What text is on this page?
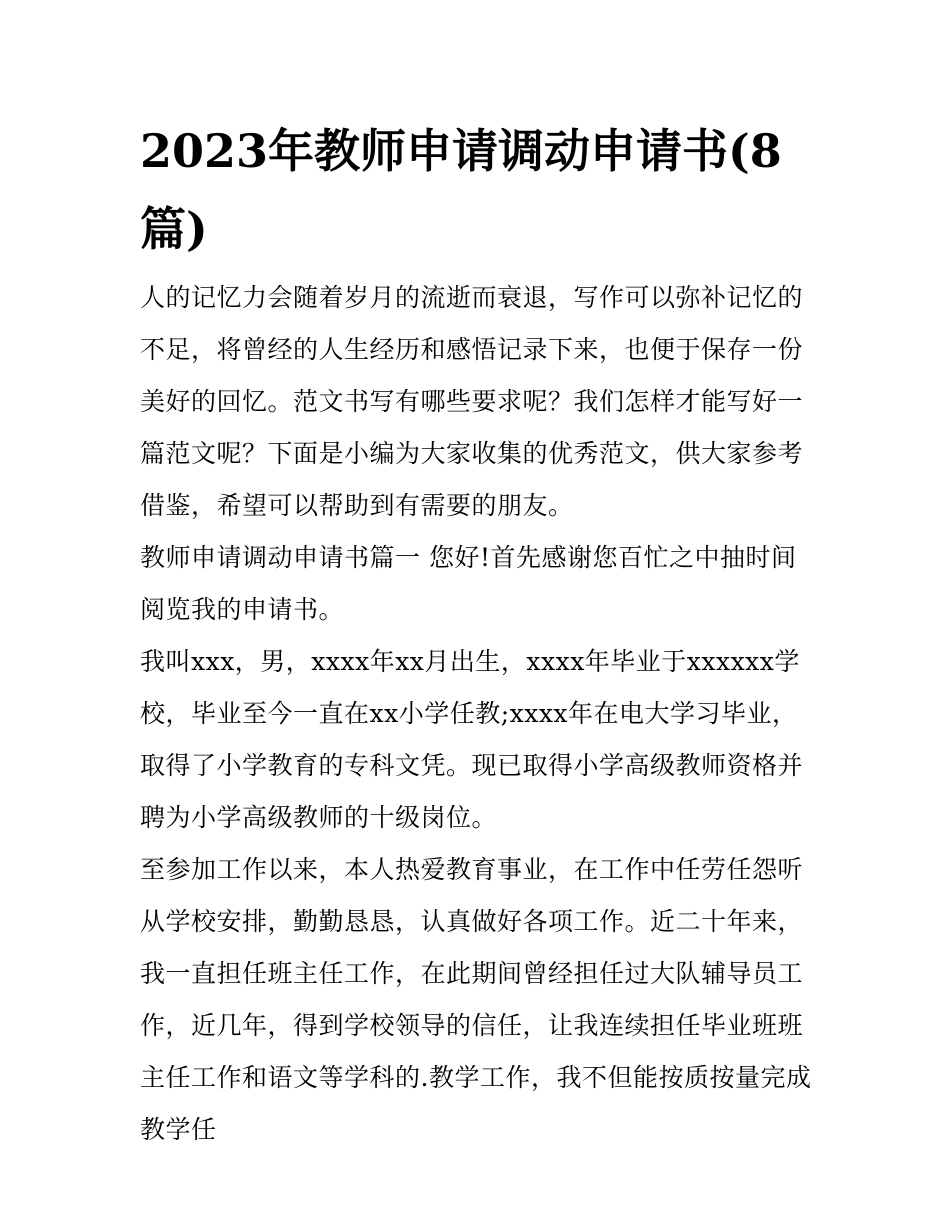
2023年教师申请调动申请书(8篇)

人的记忆力会随着岁月的流逝而衰退，写作可以弥补记忆的不足，将曾经的人生经历和感悟记录下来，也便于保存一份美好的回忆。范文书写有哪些要求呢？我们怎样才能写好一篇范文呢？下面是小编为大家收集的优秀范文，供大家参考借鉴，希望可以帮助到有需要的朋友。

教师申请调动申请书篇一 您好!首先感谢您百忙之中抽时间阅览我的申请书。

我叫xxx，男，xxxx年xx月出生，xxxx年毕业于xxxxxx学校，毕业至今一直在xx小学任教;xxxx年在电大学习毕业，取得了小学教育的专科文凭。现已取得小学高级教师资格并聘为小学高级教师的十级岗位。

至参加工作以来，本人热爱教育事业，在工作中任劳任怨听从学校安排，勤勤恳恳，认真做好各项工作。近二十年来，我一直担任班主任工作，在此期间曾经担任过大队辅导员工作，近几年，得到学校领导的信任，让我连续担任毕业班班主任工作和语文等学科的.教学工作，我不但能按质按量完成教学任
